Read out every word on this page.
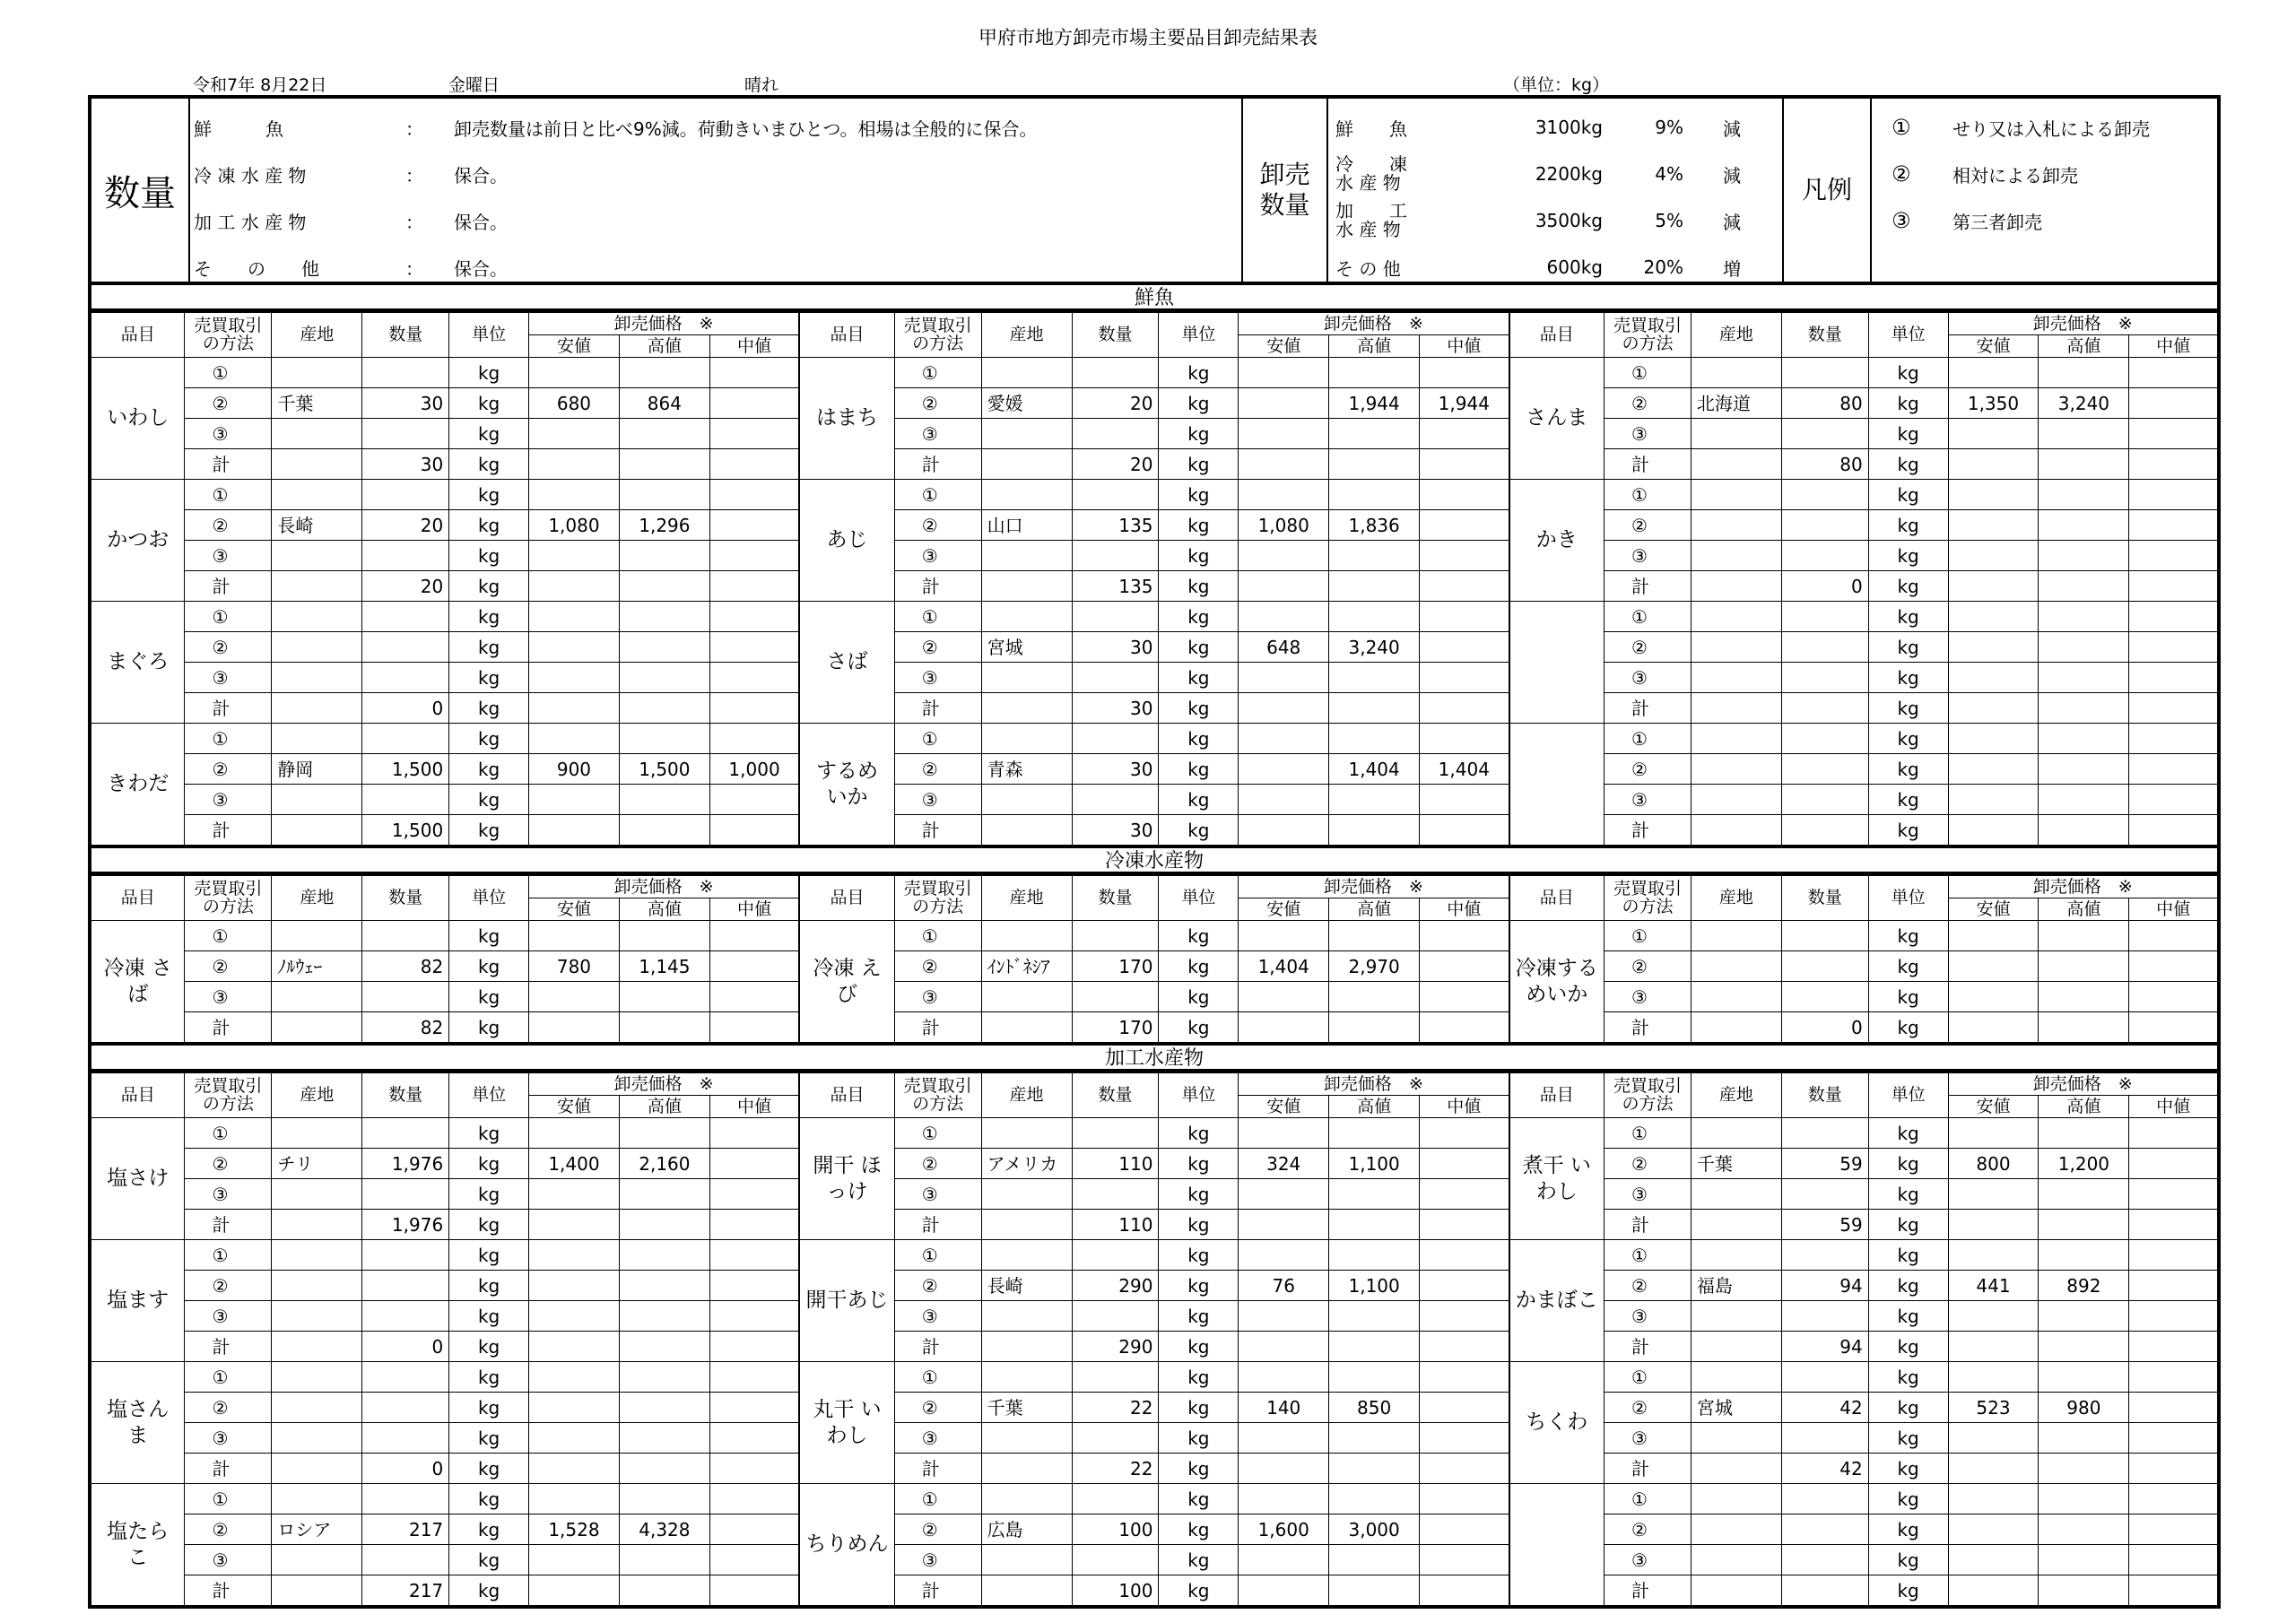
甲府市地方卸売市場主要品目卸売結果表
令和7年 8月22日	金曜日	晴れ	（単位：kg）
数量
鮮　　　魚	： 卸売数量は前日と比べ9%減。荷動きいまひとつ。相場は全般的に保合。
冷 凍 水 産 物	： 保合。
加 工 水 産 物	： 保合。
そ　　の　　他	： 保合。
卸売
数量
鮮　　魚	3100kg	9% 減
冷　　凍
水 産 物	2200kg	4% 減
加　　工
水 産 物	3500kg	5% 減
そ の 他	600kg	20% 増
凡例
① せり又は入札による卸売
② 相対による卸売
③ 第三者卸売
鮮魚
品目	売買取引
の方法	産地	数量	単位	卸売価格　※			品目	売買取引
の方法	産地	数量	単位	卸売価格　※			品目	売買取引
の方法	産地	数量	単位	卸売価格　※		
					安値	高値	中値						安値	高値	中値						安値	高値	中値
いわし	①			kg				はまち	①			kg				さんま	①			kg			
	②	千葉	30	kg	680	864			②	愛媛	20	kg		1,944	1,944		②	北海道	80	kg	1,350	3,240	
	③			kg					③			kg					③			kg			
	計		30	kg					計		20	kg					計		80	kg			
かつお	①			kg				あじ	①			kg				かき	①			kg			
	②	長崎	20	kg	1,080	1,296			②	山口	135	kg	1,080	1,836			②			kg			
	③			kg					③			kg					③			kg			
	計		20	kg					計		135	kg					計		0	kg			
まぐろ	①			kg				さば	①			kg					①			kg			
	②			kg					②	宮城	30	kg	648	3,240			②			kg			
	③			kg					③			kg					③			kg			
	計		0	kg					計		30	kg					計			kg			
きわだ	①			kg				するめ いか	①			kg					①			kg			
	②	静岡	1,500	kg	900	1,500	1,000		②	青森	30	kg		1,404	1,404		②			kg			
	③			kg					③			kg					③			kg			
	計		1,500	kg					計		30	kg					計			kg			
冷凍水産物
品目	売買取引
の方法	産地	数量	単位	卸売価格　※			品目	売買取引
の方法	産地	数量	単位	卸売価格　※			品目	売買取引
の方法	産地	数量	単位	卸売価格　※		
					安値	高値	中値						安値	高値	中値						安値	高値	中値
冷凍 さば	①			kg				冷凍 えび	①			kg				冷凍する めいか	①			kg			
	②	ﾉﾙｳｪｰ	82	kg	780	1,145			②	ｲﾝﾄﾞﾈｼｱ	170	kg	1,404	2,970			②			kg			
	③			kg					③			kg					③			kg			
	計		82	kg					計		170	kg					計		0	kg			
加工水産物
品目	売買取引
の方法	産地	数量	単位	卸売価格　※			品目	売買取引
の方法	産地	数量	単位	卸売価格　※			品目	売買取引
の方法	産地	数量	単位	卸売価格　※		
					安値	高値	中値						安値	高値	中値						安値	高値	中値
塩さけ	①			kg				開干 ほっけ	①			kg				煮干 いわし	①			kg			
	②	チリ	1,976	kg	1,400	2,160			②	アメリカ	110	kg	324	1,100			②	千葉	59	kg	800	1,200	
	③			kg					③			kg					③			kg			
	計		1,976	kg					計		110	kg					計		59	kg			
塩ます	①			kg				開干あじ	①			kg				かまぼこ	①			kg			
	②			kg					②	長崎	290	kg	76	1,100			②	福島	94	kg	441	892	
	③			kg					③			kg					③			kg			
	計		0	kg					計		290	kg					計		94	kg			
塩さんま	①			kg				丸干 いわし	①			kg				ちくわ	①			kg			
	②			kg					②	千葉	22	kg	140	850			②	宮城	42	kg	523	980	
	③			kg					③			kg					③			kg			
	計		0	kg					計		22	kg					計		42	kg			
塩たらこ	①			kg				ちりめん	①			kg					①			kg			
	②	ロシア	217	kg	1,528	4,328			②	広島	100	kg	1,600	3,000			②			kg			
	③			kg					③			kg					③			kg			
	計		217	kg					計		100	kg					計			kg			
